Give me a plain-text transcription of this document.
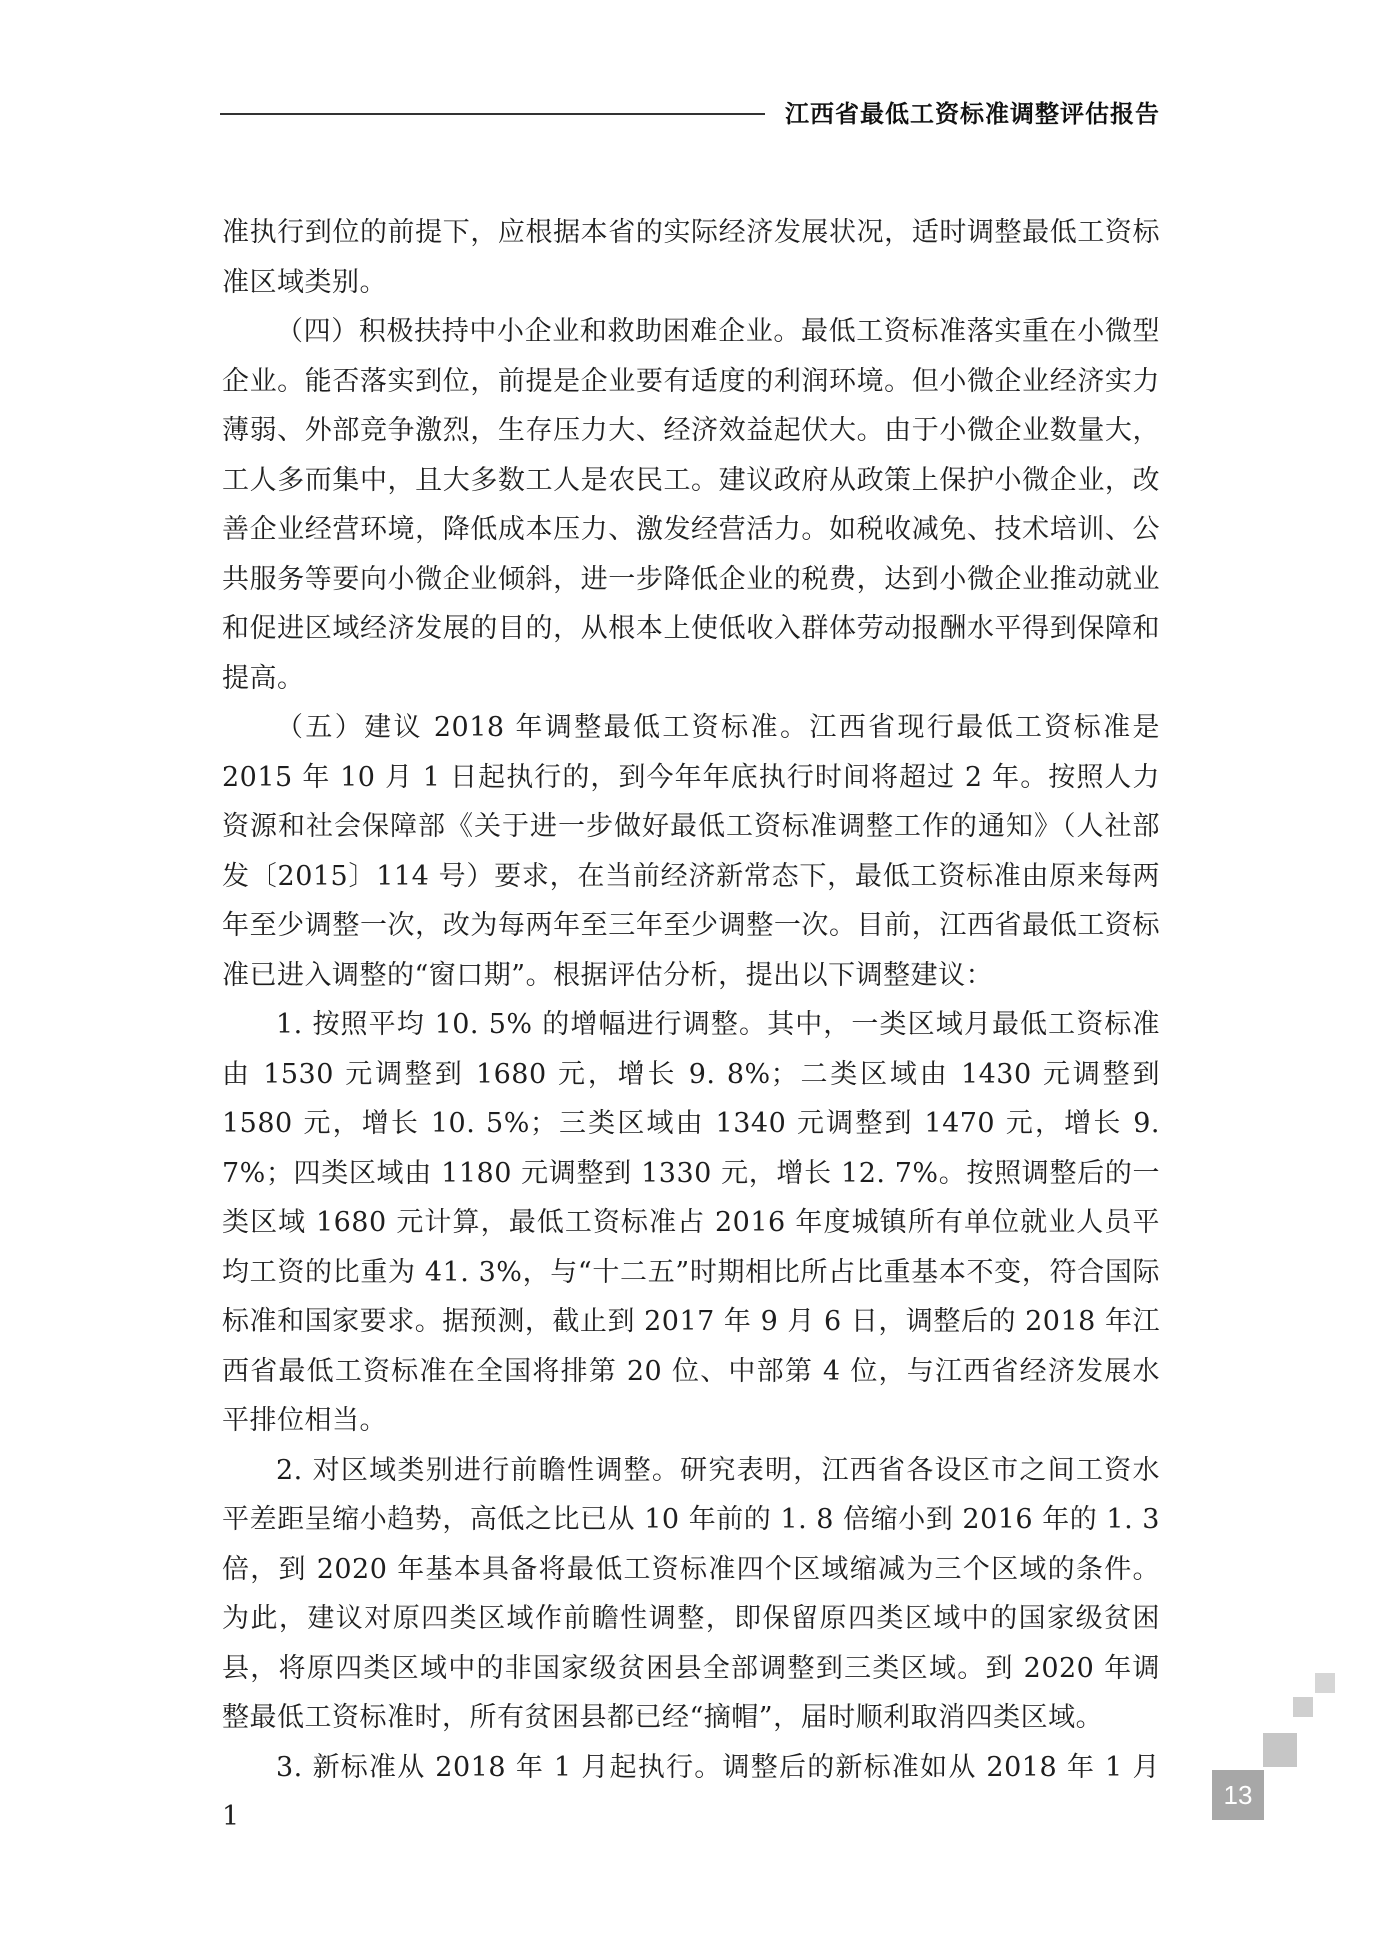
江西省最低工资标准调整评估报告

准执行到位的前提下，应根据本省的实际经济发展状况，适时调整最低工资标准区域类别。

（四）积极扶持中小企业和救助困难企业。最低工资标准落实重在小微型企业。能否落实到位，前提是企业要有适度的利润环境。但小微企业经济实力薄弱、外部竞争激烈，生存压力大、经济效益起伏大。由于小微企业数量大，工人多而集中，且大多数工人是农民工。建议政府从政策上保护小微企业，改善企业经营环境，降低成本压力、激发经营活力。如税收减免、技术培训、公共服务等要向小微企业倾斜，进一步降低企业的税费，达到小微企业推动就业和促进区域经济发展的目的，从根本上使低收入群体劳动报酬水平得到保障和提高。

（五）建议 2018 年调整最低工资标准。江西省现行最低工资标准是 2015 年 10 月 1 日起执行的，到今年年底执行时间将超过 2 年。按照人力资源和社会保障部《关于进一步做好最低工资标准调整工作的通知》（人社部发〔2015〕114 号）要求，在当前经济新常态下，最低工资标准由原来每两年至少调整一次，改为每两年至三年至少调整一次。目前，江西省最低工资标准已进入调整的“窗口期”。根据评估分析，提出以下调整建议：

1. 按照平均 10. 5% 的增幅进行调整。其中，一类区域月最低工资标准由 1530 元调整到 1680 元，增长 9. 8%；二类区域由 1430 元调整到 1580 元，增长 10. 5%；三类区域由 1340 元调整到 1470 元，增长 9. 7%；四类区域由 1180 元调整到 1330 元，增长 12. 7%。按照调整后的一类区域 1680 元计算，最低工资标准占 2016 年度城镇所有单位就业人员平均工资的比重为 41. 3%，与“十二五”时期相比所占比重基本不变，符合国际标准和国家要求。据预测，截止到 2017 年 9 月 6 日，调整后的 2018 年江西省最低工资标准在全国将排第 20 位、中部第 4 位，与江西省经济发展水平排位相当。

2. 对区域类别进行前瞻性调整。研究表明，江西省各设区市之间工资水平差距呈缩小趋势，高低之比已从 10 年前的 1. 8 倍缩小到 2016 年的 1. 3 倍，到 2020 年基本具备将最低工资标准四个区域缩减为三个区域的条件。为此，建议对原四类区域作前瞻性调整，即保留原四类区域中的国家级贫困县，将原四类区域中的非国家级贫困县全部调整到三类区域。到 2020 年调整最低工资标准时，所有贫困县都已经“摘帽”，届时顺利取消四类区域。

3. 新标准从 2018 年 1 月起执行。调整后的新标准如从 2018 年 1 月 1

13
